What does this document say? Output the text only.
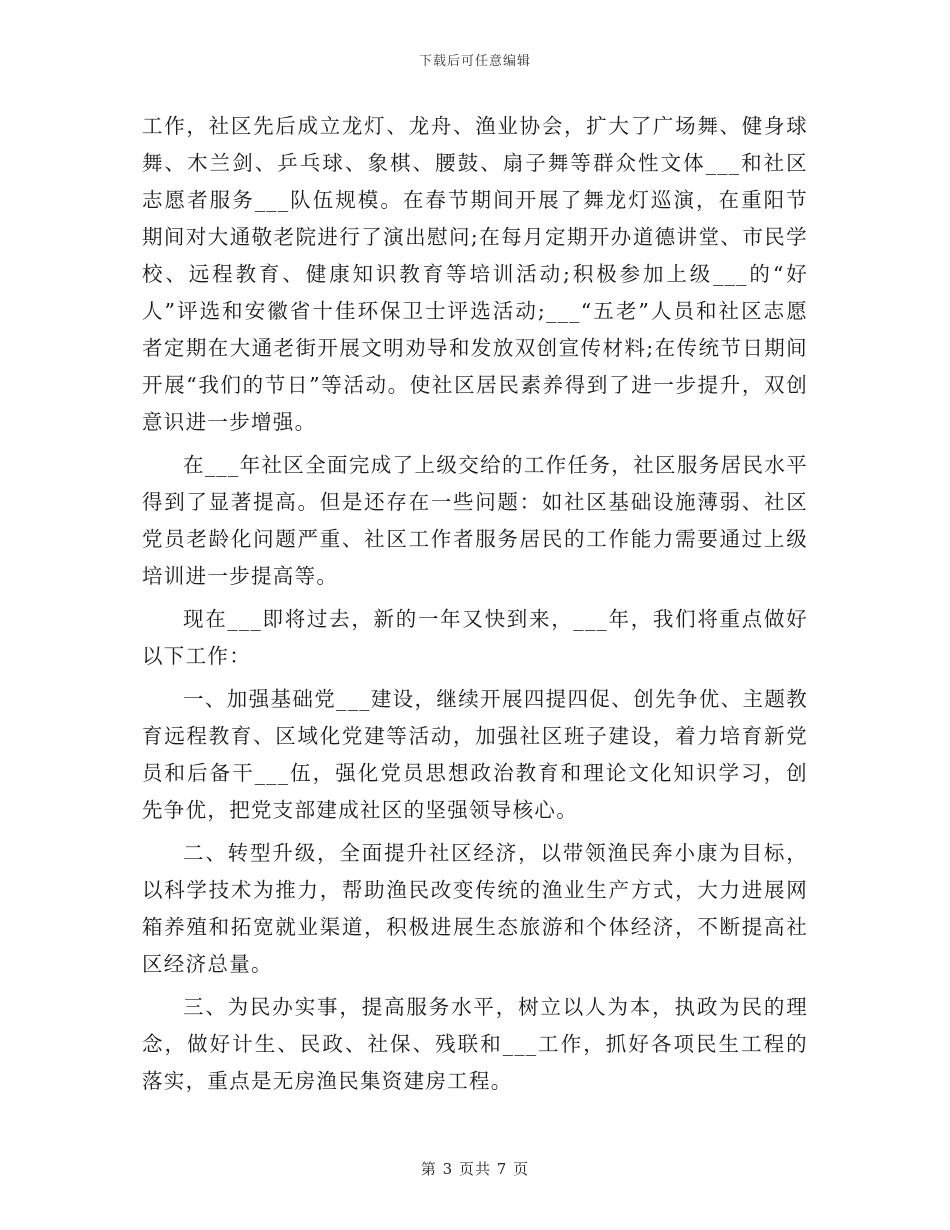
下载后可任意编辑

工作，社区先后成立龙灯、龙舟、渔业协会，扩大了广场舞、健身球舞、木兰剑、乒乓球、象棋、腰鼓、扇子舞等群众性文体___和社区志愿者服务___队伍规模。在春节期间开展了舞龙灯巡演，在重阳节期间对大通敬老院进行了演出慰问;在每月定期开办道德讲堂、市民学校、远程教育、健康知识教育等培训活动;积极参加上级___的“好人”评选和安徽省十佳环保卫士评选活动;___“五老”人员和社区志愿者定期在大通老街开展文明劝导和发放双创宣传材料;在传统节日期间开展“我们的节日”等活动。使社区居民素养得到了进一步提升，双创意识进一步增强。

在___年社区全面完成了上级交给的工作任务，社区服务居民水平得到了显著提高。但是还存在一些问题：如社区基础设施薄弱、社区党员老龄化问题严重、社区工作者服务居民的工作能力需要通过上级培训进一步提高等。

现在___即将过去，新的一年又快到来，___年，我们将重点做好以下工作：

一、加强基础党___建设，继续开展四提四促、创先争优、主题教育远程教育、区域化党建等活动，加强社区班子建设，着力培育新党员和后备干___伍，强化党员思想政治教育和理论文化知识学习，创先争优，把党支部建成社区的坚强领导核心。

二、转型升级，全面提升社区经济，以带领渔民奔小康为目标，以科学技术为推力，帮助渔民改变传统的渔业生产方式，大力进展网箱养殖和拓宽就业渠道，积极进展生态旅游和个体经济，不断提高社区经济总量。

三、为民办实事，提高服务水平，树立以人为本，执政为民的理念，做好计生、民政、社保、残联和___工作，抓好各项民生工程的落实，重点是无房渔民集资建房工程。

第 3 页共 7 页
